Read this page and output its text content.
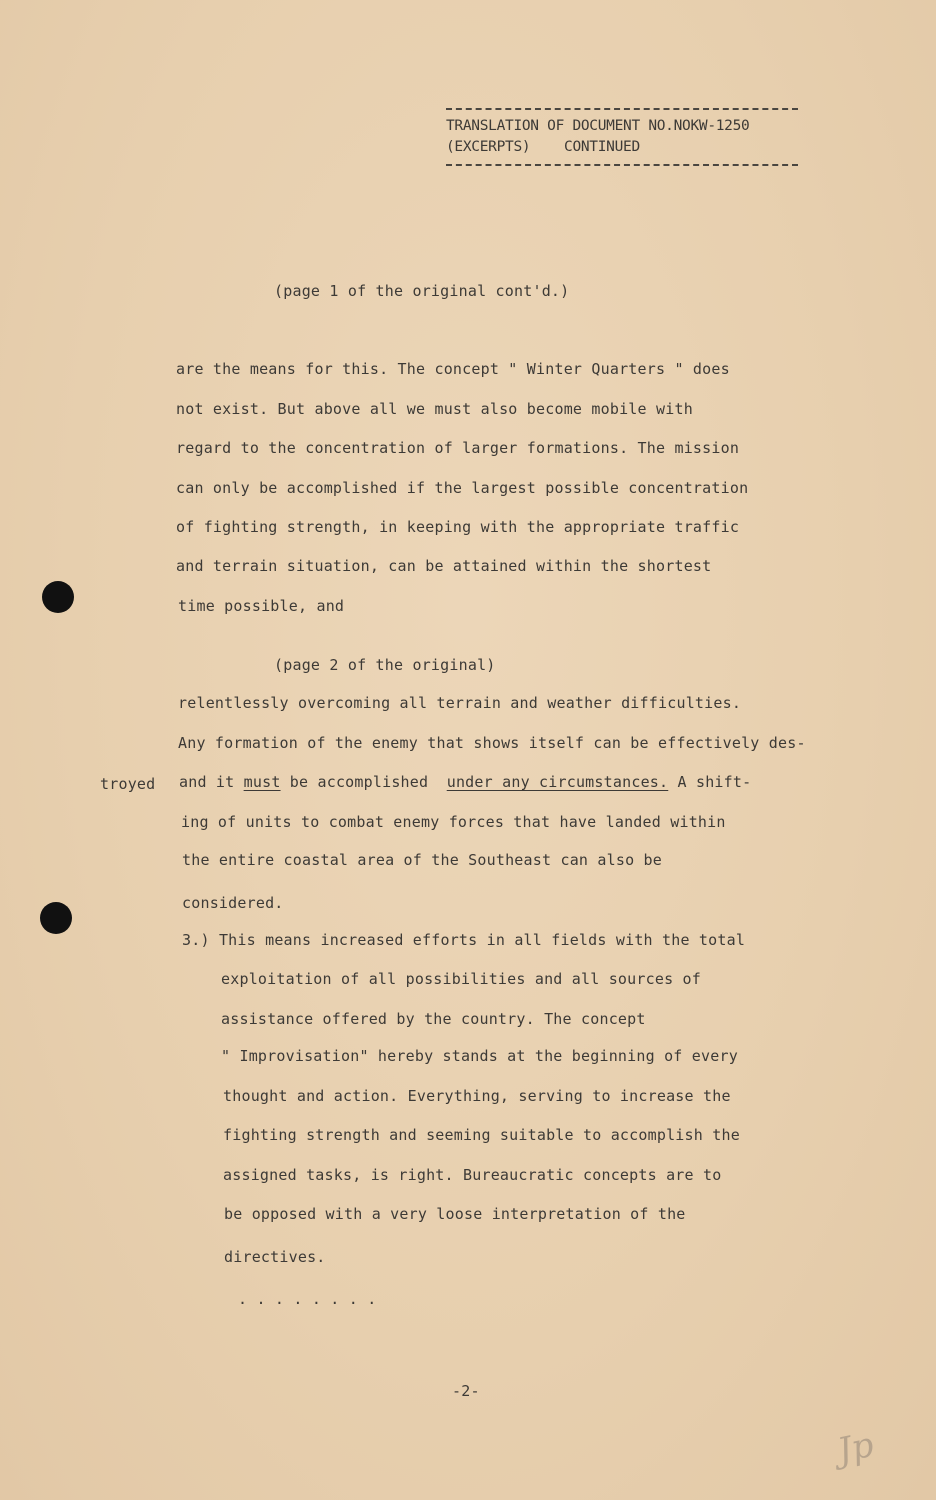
TRANSLATION OF DOCUMENT NO.NOKW-1250
(EXCERPTS)    CONTINUED
(page 1 of the original cont'd.)
are the means for this. The concept " Winter Quarters " does
not exist. But above all we must also become mobile with
regard to the concentration of larger formations. The mission
can only be accomplished if the largest possible concentration
of fighting strength, in keeping with the appropriate traffic
and terrain situation, can be attained within the shortest
time possible, and
(page 2 of the original)
relentlessly overcoming all terrain and weather difficulties.
Any formation of the enemy that shows itself can be effectively des-
troyed and it must be accomplished  under any circumstances. A shift-
ing of units to combat enemy forces that have landed within
the entire coastal area of the Southeast can also be
considered.
3.) This means increased efforts in all fields with the total
exploitation of all possibilities and all sources of
assistance offered by the country. The concept
" Improvisation" hereby stands at the beginning of every
thought and action. Everything, serving to increase the
fighting strength and seeming suitable to accomplish the
assigned tasks, is right. Bureaucratic concepts are to
be opposed with a very loose interpretation of the
directives.
. . . . . . . .
-2-
Jp
